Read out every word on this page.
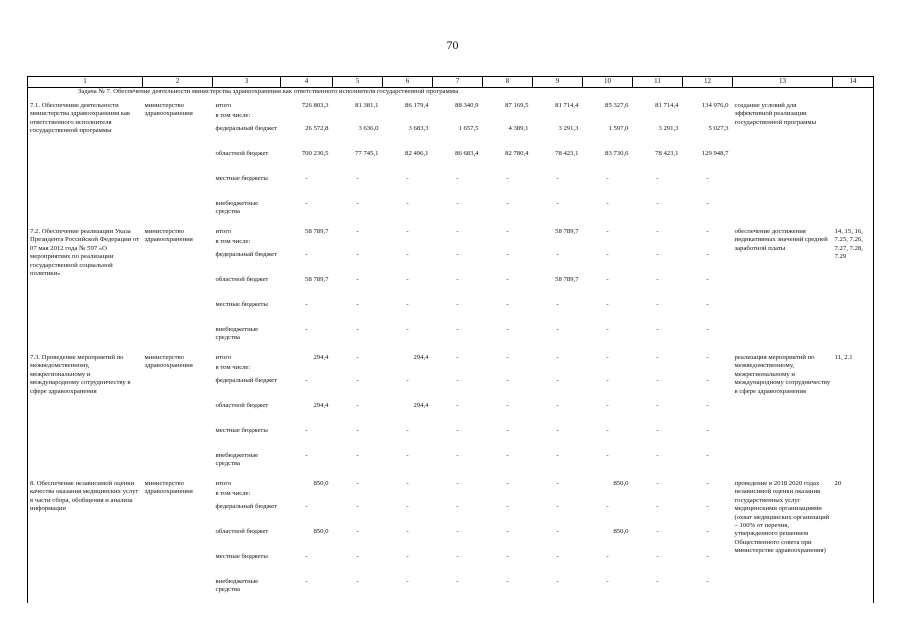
70
1	2	3	4	5	6	7	8	9	10	11	12	13	14
Задача № 7. Обеспечение деятельности министерства здравоохранения как ответственного исполнителя государственной программы													
7.1. Обеспечение деятельности министерства здравоохранения как ответственного исполнителя государственной программы	министерство здравоохранения	итого	726 803,3	81 381,1	86 179,4	88 340,9	87 169,5	81 714,4	85 327,6	81 714,4	134 976,0	создание условий для эффективной реализации государственной программы	
		в том числе:											
		федеральный бюджет	26 572,8	3 636,0	3 683,3	1 657,5	4 389,1	3 291,3	1 597,0	3 291,3	5 027,3		
		областной бюджет	700 230,5	77 745,1	82 496,1	86 683,4	82 780,4	78 423,1	83 730,6	78 423,1	129 948,7		
		местные бюджеты	-	-	-	-	-	-	-	-	-		
		внебюджетные средства	-	-	-	-	-	-	-	-	-		
7.2. Обеспечение реализации Указа Президента Российской Федерации от 07 мая 2012 года № 597 «О мероприятиях по реализации государственной социальной политики»	министерство здравоохранения	итого	58 789,7	-	-	-	-	58 789,7	-	-	-	обеспечение достижения индикативных значений средней заработной платы	14, 15, 16, 7.25, 7.26, 7.27, 7.28, 7.29
		в том числе:											
		федеральный бюджет	-	-	-	-	-	-	-	-	-		
		областной бюджет	58 789,7	-	-	-	-	58 789,7	-	-	-		
		местные бюджеты	-	-	-	-	-	-	-	-	-		
		внебюджетные средства	-	-	-	-	-	-	-	-	-		
7.3. Проведение мероприятий по межведомственному, межрегиональному и международному сотрудничеству в сфере здравоохранения	министерство здравоохранения	итого	294,4	-	294,4	-	-	-	-	-	-	реализация мероприятий по межведомственному, межрегиональному и международному сотрудничеству в сфере здравоохранения	11, 2.1
		в том числе:											
		федеральный бюджет	-	-	-	-	-	-	-	-	-		
		областной бюджет	294,4	-	294,4	-	-	-	-	-	-		
		местные бюджеты	-	-	-	-	-	-	-	-	-		
		внебюджетные средства	-	-	-	-	-	-	-	-	-		
8. Обеспечение независимой оценки качества оказания медицинских услуг в части сбора, обобщения и анализа информации	министерство здравоохранения	итого	850,0	-	-	-	-	-	850,0	-	-	проведение в 2018 2020 годах независимой оценки оказания государственных услуг медицинскими организациями (охват медицинских организаций – 100% от перечня, утвержденного решением Общественного совета при министерстве здравоохранения)	20
		в том числе:											
		федеральный бюджет	-	-	-	-	-	-	-	-	-		
		областной бюджет	850,0	-	-	-	-	-	850,0	-	-		
		местные бюджеты	-	-	-	-	-	-	-	-	-		
		внебюджетные средства	-	-	-	-	-	-	-	-	-		
